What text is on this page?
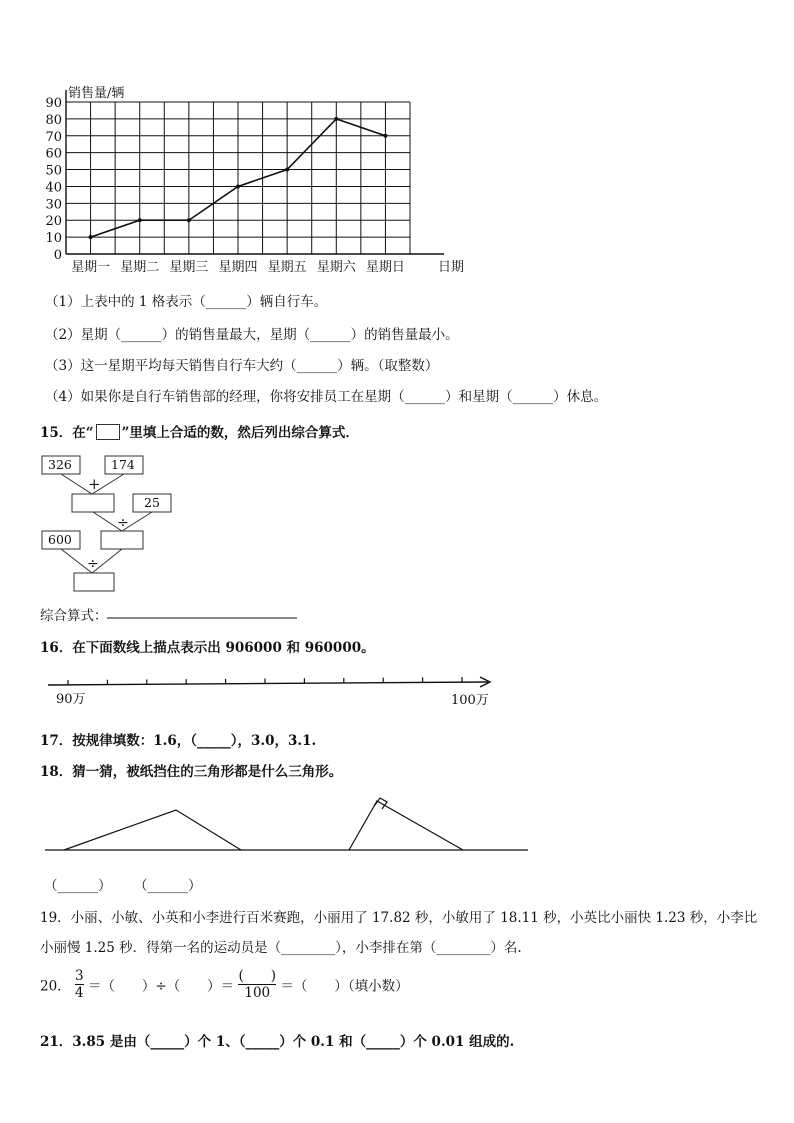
90
80
70
60
50
40
30
20
10
0
星期一 星期二 星期三 星期四 星期五 星期六 星期日
销售量/辆
日期
326	174
+
25
÷
600
÷
90万	100万
（1）上表中的 1 格表示（______）辆自行车。
（2）星期（______）的销售量最大，星期（______）的销售量最小。
（3）这一星期平均每天销售自行车大约（______）辆。（取整数）
（4）如果你是自行车销售部的经理，你将安排员工在星期（______）和星期（______）休息。
15．在“ ”里填上合适的数，然后列出综合算式．
综合算式：
16．在下面数线上描点表示出 906000 和 960000。
17．按规律填数：1.6，（_____），3.0，3.1.
18．猜一猜，被纸挡住的三角形都是什么三角形。
（______） （______）
19．小丽、小敏、小英和小李进行百米赛跑，小丽用了 17.82 秒，小敏用了 18.11 秒，小英比小丽快 1.23 秒，小李比
小丽慢 1.25 秒．得第一名的运动员是（________），小李排在第（________）名.
20． $\frac{3}{4}$ ＝（　　）÷（　　）＝ $\frac{( )}{100}$ ＝（　　）（填小数）
21．3.85 是由（_____）个 1、（_____）个 0.1 和（_____）个 0.01 组成的.
